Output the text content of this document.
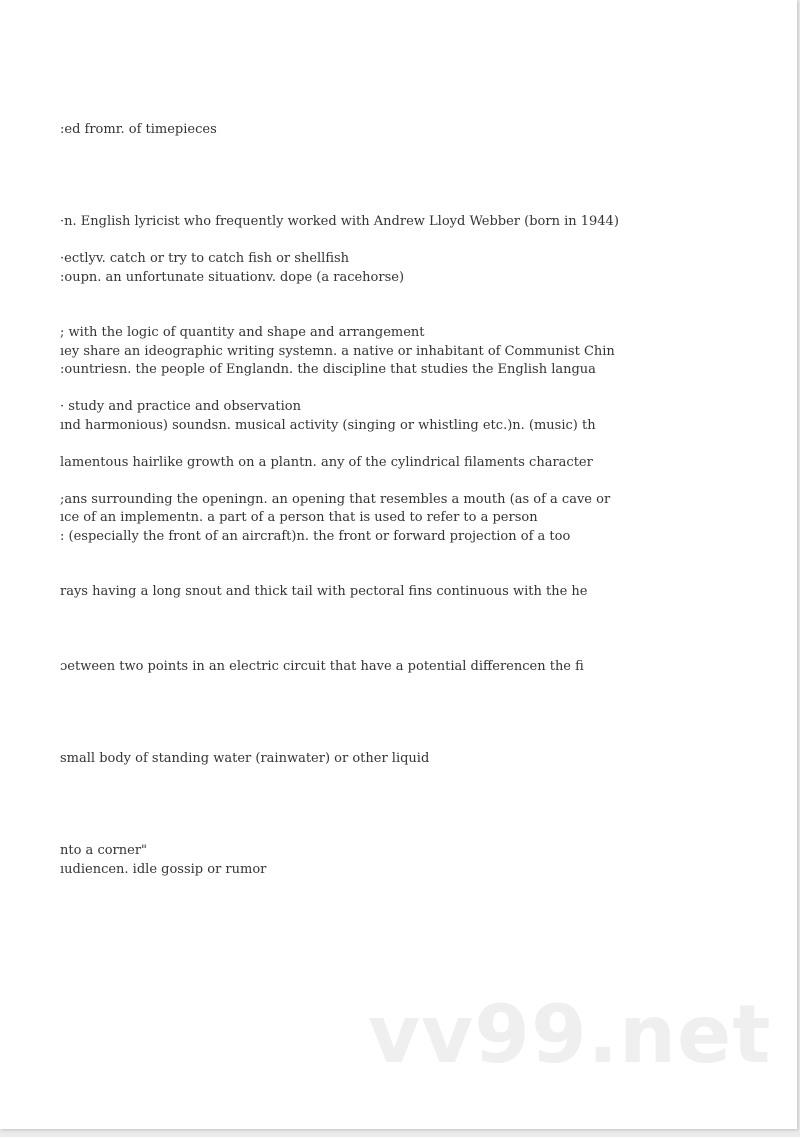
:ed fromr. of timepieces
·n. English lyricist who frequently worked with Andrew Lloyd Webber (born in 1944)
·ectlyv. catch or try to catch fish or shellfish
:oupn. an unfortunate situationv. dope (a racehorse)
; with the logic of quantity and shape and arrangement
ıey share an ideographic writing systemn. a native or inhabitant of Communist Chin
:ountriesn. the people of Englandn. the discipline that studies the English langua
· study and practice and observation
ınd harmonious) soundsn. musical activity (singing or whistling etc.)n. (music) th
lamentous hairlike growth on a plantn. any of the cylindrical filaments character
;ans surrounding the openingn. an opening that resembles a mouth (as of a cave or
ıce of an implementn. a part of a person that is used to refer to a person
: (especially the front of an aircraft)n. the front or forward projection of a too
rays having a long snout and thick tail with pectoral fins continuous with the he
ɔetween two points in an electric circuit that have a potential differencen the fi
small body of standing water (rainwater) or other liquid
nto a corner"
ıudiencen. idle gossip or rumor
vv99.net
